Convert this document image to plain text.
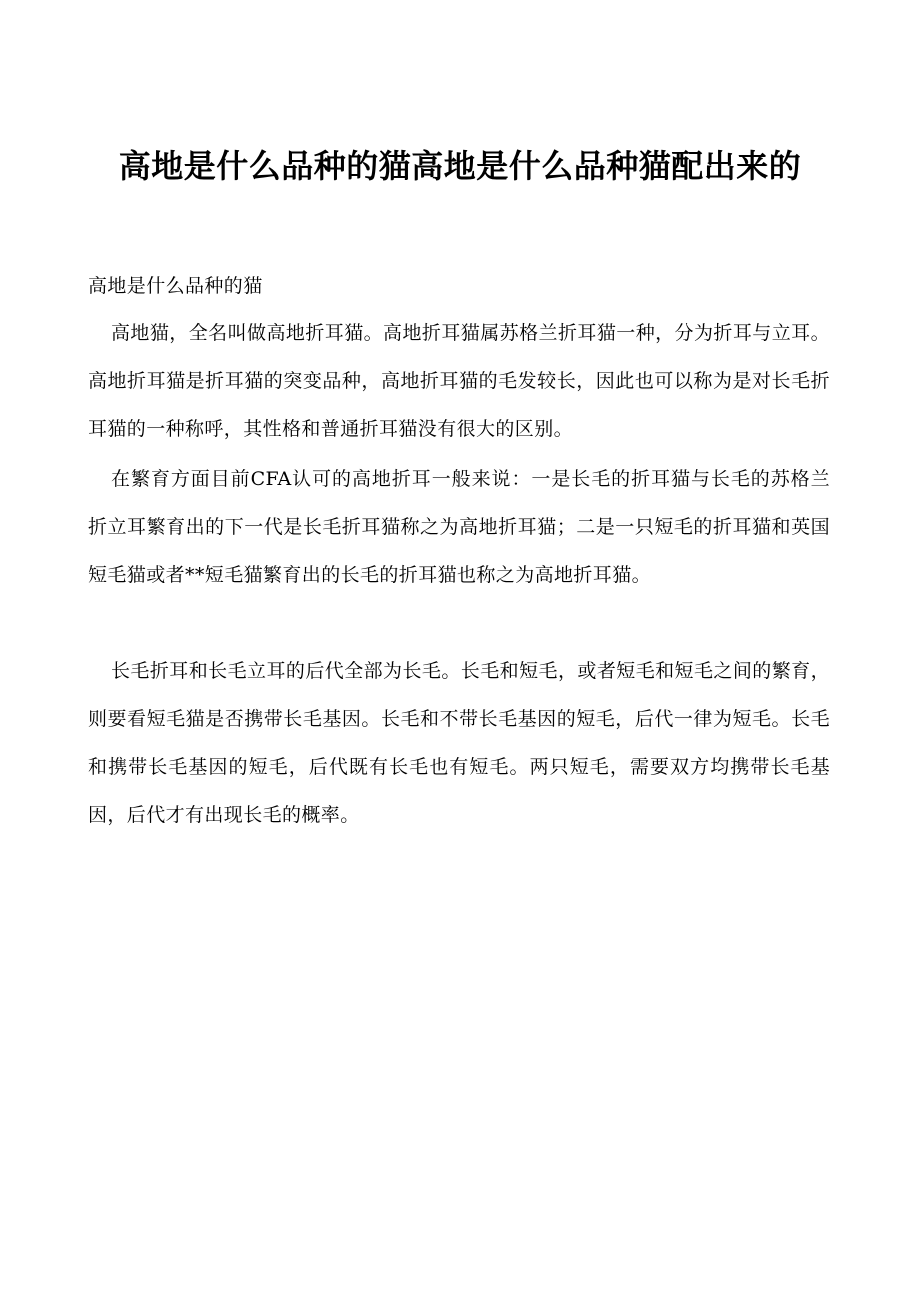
高地是什么品种的猫高地是什么品种猫配出来的

高地是什么品种的猫

高地猫，全名叫做高地折耳猫。高地折耳猫属苏格兰折耳猫一种，分为折耳与立耳。高地折耳猫是折耳猫的突变品种，高地折耳猫的毛发较长，因此也可以称为是对长毛折耳猫的一种称呼，其性格和普通折耳猫没有很大的区别。

在繁育方面目前CFA认可的高地折耳一般来说：一是长毛的折耳猫与长毛的苏格兰折立耳繁育出的下一代是长毛折耳猫称之为高地折耳猫；二是一只短毛的折耳猫和英国短毛猫或者**短毛猫繁育出的长毛的折耳猫也称之为高地折耳猫。

长毛折耳和长毛立耳的后代全部为长毛。长毛和短毛，或者短毛和短毛之间的繁育，则要看短毛猫是否携带长毛基因。长毛和不带长毛基因的短毛，后代一律为短毛。长毛和携带长毛基因的短毛，后代既有长毛也有短毛。两只短毛，需要双方均携带长毛基因，后代才有出现长毛的概率。
